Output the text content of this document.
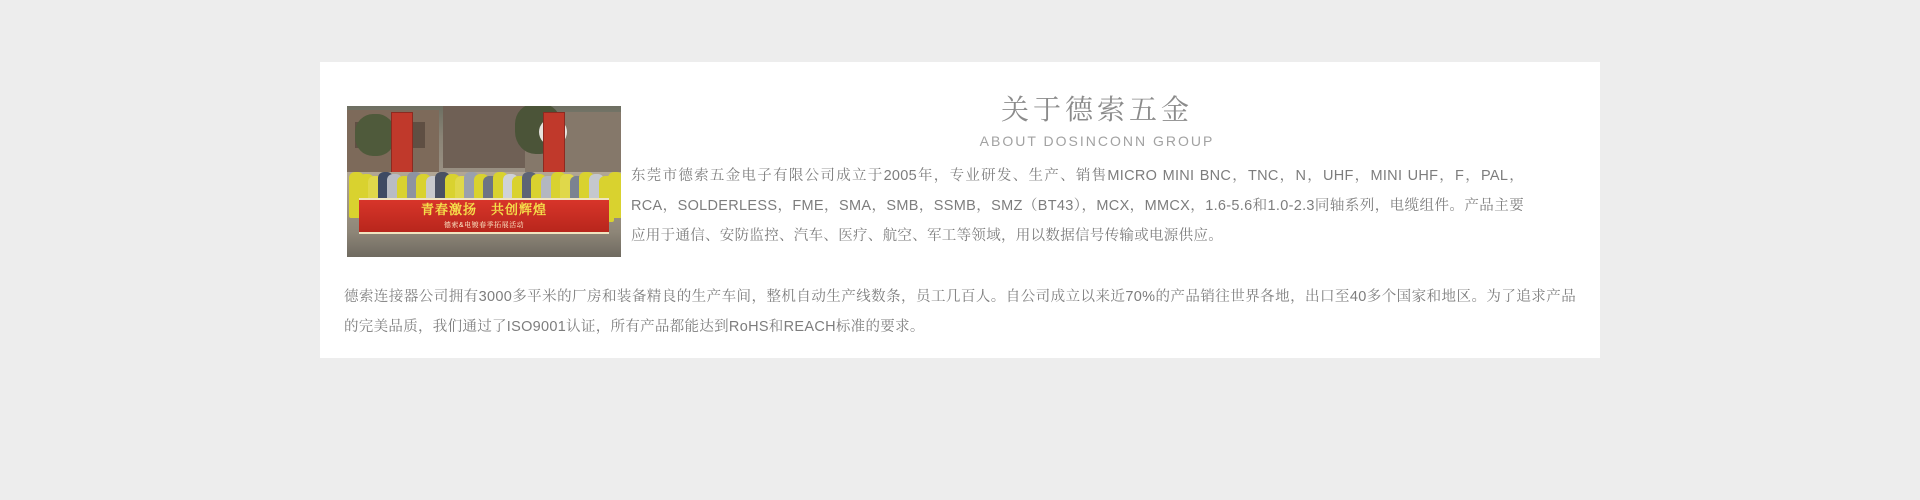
青春激扬　共创辉煌
德索&电镀春季拓展活动
关于德索五金
ABOUT DOSINCONN GROUP
东莞市德索五金电子有限公司成立于2005年，专业研发、生产、销售MICRO MINI BNC，TNC，N，UHF，MINI UHF，F，PAL，RCA，SOLDERLESS，FME，SMA，SMB，SSMB，SMZ（BT43），MCX，MMCX，1.6-5.6和1.0-2.3同轴系列，电缆组件。产品主要应用于通信、安防监控、汽车、医疗、航空、军工等领域，用以数据信号传输或电源供应。
德索连接器公司拥有3000多平米的厂房和装备精良的生产车间，整机自动生产线数条，员工几百人。自公司成立以来近70%的产品销往世界各地，出口至40多个国家和地区。为了追求产品的完美品质，我们通过了ISO9001认证，所有产品都能达到RoHS和REACH标准的要求。
